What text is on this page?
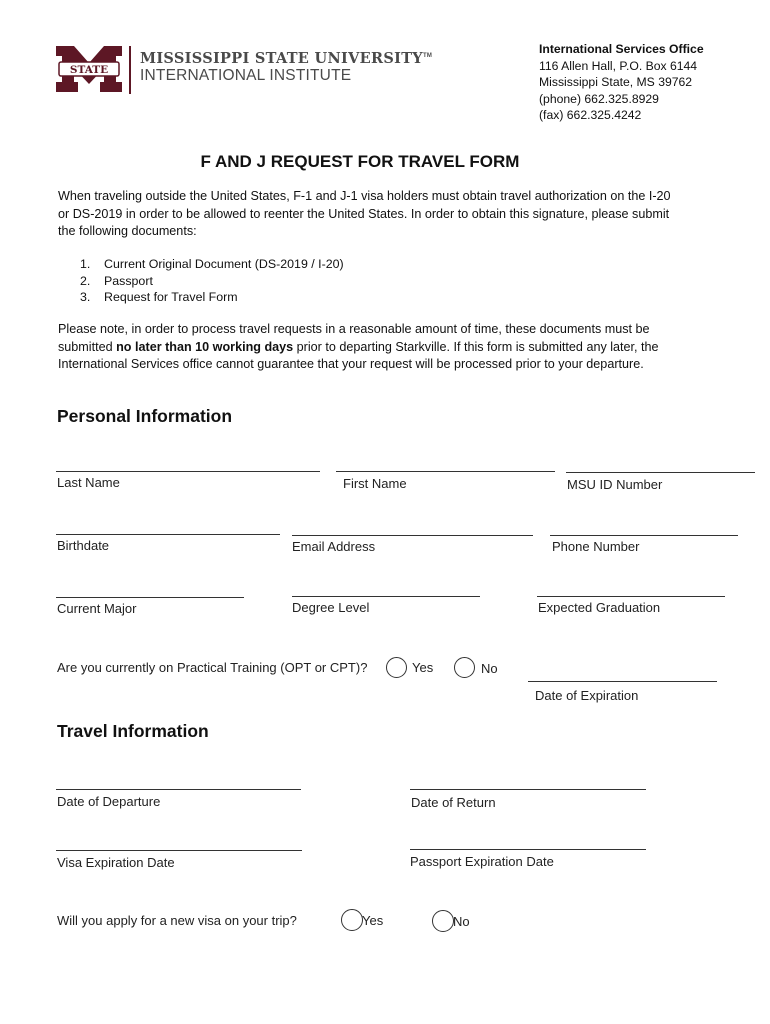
STATE
MISSISSIPPI STATE UNIVERSITY™
INTERNATIONAL INSTITUTE
International Services Office
116 Allen Hall, P.O. Box 6144
Mississippi State, MS 39762
(phone) 662.325.8929
(fax) 662.325.4242
F AND J REQUEST FOR TRAVEL FORM
When traveling outside the United States, F-1 and J-1 visa holders must obtain travel authorization on the I-20 or DS-2019 in order to be allowed to reenter the United States. In order to obtain this signature, please submit the following documents:
1. Current Original Document (DS-2019 / I-20)
2. Passport
3. Request for Travel Form
Please note, in order to process travel requests in a reasonable amount of time, these documents must be submitted no later than 10 working days prior to departing Starkville. If this form is submitted any later, the International Services office cannot guarantee that your request will be processed prior to your departure.
Personal Information
Last Name	First Name	MSU ID Number
Birthdate	Email Address	Phone Number
Current Major	Degree Level	Expected Graduation
Are you currently on Practical Training (OPT or CPT)?	Yes	No
Date of Expiration
Travel Information
Date of Departure	Date of Return
Visa Expiration Date	Passport Expiration Date
Will you apply for a new visa on your trip?	Yes	No
